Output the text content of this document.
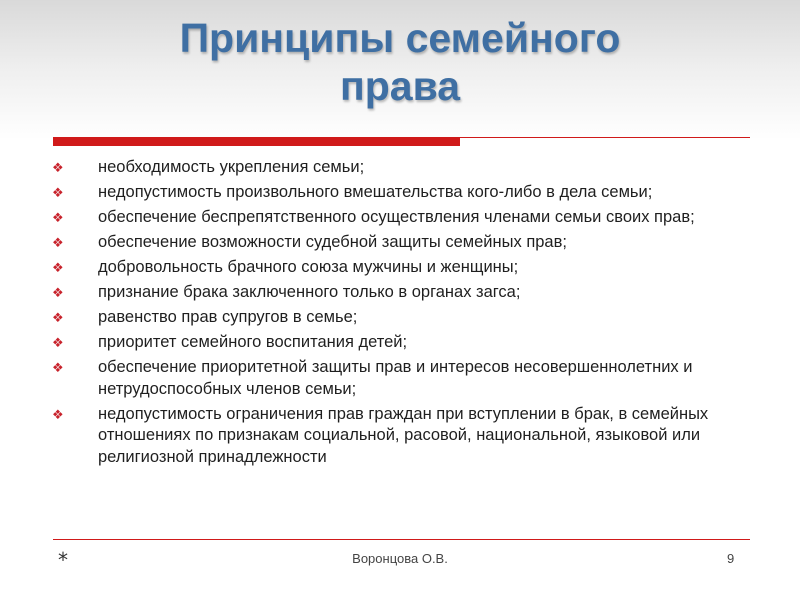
Принципы семейного
права
❖ необходимость укрепления семьи;
❖ недопустимость произвольного вмешательства кого-либо в дела семьи;
❖ обеспечение беспрепятственного осуществления членами семьи своих прав;
❖ обеспечение возможности судебной защиты семейных прав;
❖ добровольность брачного союза мужчины и женщины;
❖ признание брака заключенного только в органах загса;
❖ равенство прав супругов в семье;
❖ приоритет семейного воспитания детей;
❖ обеспечение приоритетной защиты прав и интересов несовершеннолетних и нетрудоспособных членов семьи;
❖ недопустимость ограничения прав граждан при вступлении в брак, в семейных отношениях по признакам социальной, расовой, национальной, языковой или религиозной принадлежности
*	Воронцова О.В.	9
